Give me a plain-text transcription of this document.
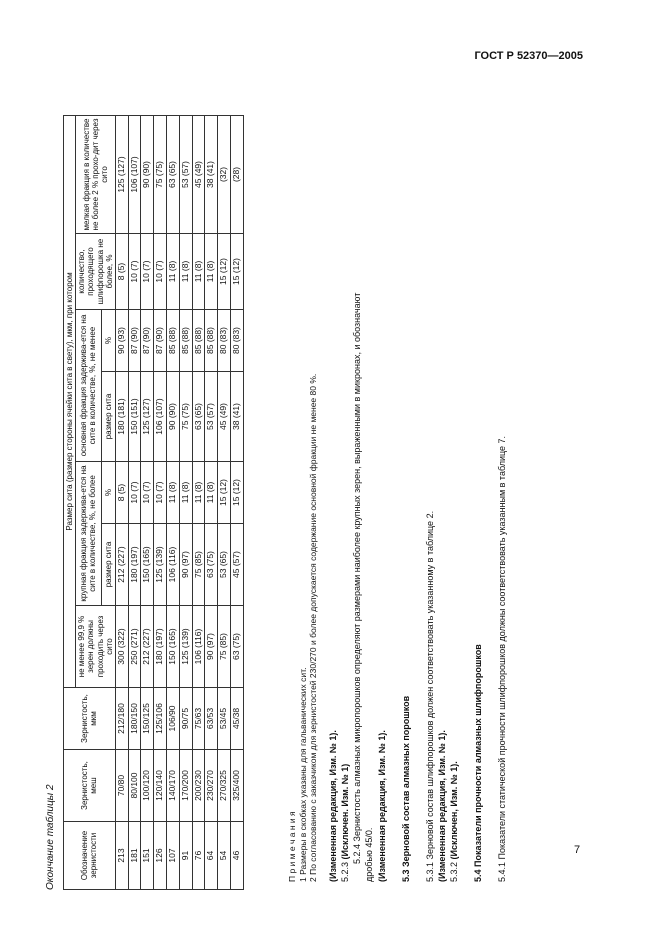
ГОСТ Р 52370—2005
Окончание таблицы 2	Обозначение зернистости	Зернистость, меш	Зернистость, мкм	Размер сита (размер стороны ячейки сита в свету), мкм, при котором						
			не менее 99,9 % зерен должны проходить через сито	крупная фракция задержива-ется на сите в количестве, %, не более		основная фракция задержива-ется на сите в количестве, %, не менее		количество, проходящего шлифпорошка не более, %	мелкая фракция в количестве не более 2 % прохо-дит через сито
				размер сита	%	размер сита	%		
213	70/80	212/180	300 (322)	212 (227)	8 (5)	180 (181)	90 (93)	8 (5)	125 (127)
181	80/100	180/150	250 (271)	180 (197)	10 (7)	150 (151)	87 (90)	10 (7)	106 (107)
151	100/120	150/125	212 (227)	150 (165)	10 (7)	125 (127)	87 (90)	10 (7)	90 (90)
126	120/140	125/106	180 (197)	125 (139)	10 (7)	106 (107)	87 (90)	10 (7)	75 (75)
107	140/170	106/90	150 (165)	106 (116)	11 (8)	90 (90)	85 (88)	11 (8)	63 (65)
91	170/200	90/75	125 (139)	90 (97)	11 (8)	75 (75)	85 (88)	11 (8)	53 (57)
76	200/230	75/63	106 (116)	75 (85)	11 (8)	63 (65)	85 (88)	11 (8)	45 (49)
64	230/270	63/53	90 (97)	63 (75)	11 (8)	53 (57)	85 (88)	11 (8)	38 (41)
54	270/325	53/45	75 (85)	53 (65)	15 (12)	45 (49)	80 (83)	15 (12)	(32)
46	325/400	45/38	63 (75)	45 (57)	15 (12)	38 (41)	80 (83)	15 (12)	(28)
П р и м е ч а н и я 1 Размеры в скобках указаны для гальванических сит. 2 По согласованию с заказчиком для зернистостей 230/270 и более допускается содержание основной фракции не менее 80 %. (Измененная редакция, Изм. № 1). 5.2.3 (Исключен. Изм. № 1) 5.2.4 Зернистость алмазных микропорошков определяют размерами наиболее крупных зерен, выраженными в микронах, и обозначают дробью 45/0. (Измененная редакция, Изм. № 1). 5.3 Зерновой состав алмазных порошков 5.3.1 Зерновой состав шлифпорошков должен соответствовать указанному в таблице 2. (Измененная редакция, Изм. № 1). 5.3.2 (Исключен, Изм. № 1). 5.4 Показатели прочности алмазных шлифпорошков 5.4.1 Показатели статической прочности шлифпорошков должны соответствовать указанным в таблице 7.	7
